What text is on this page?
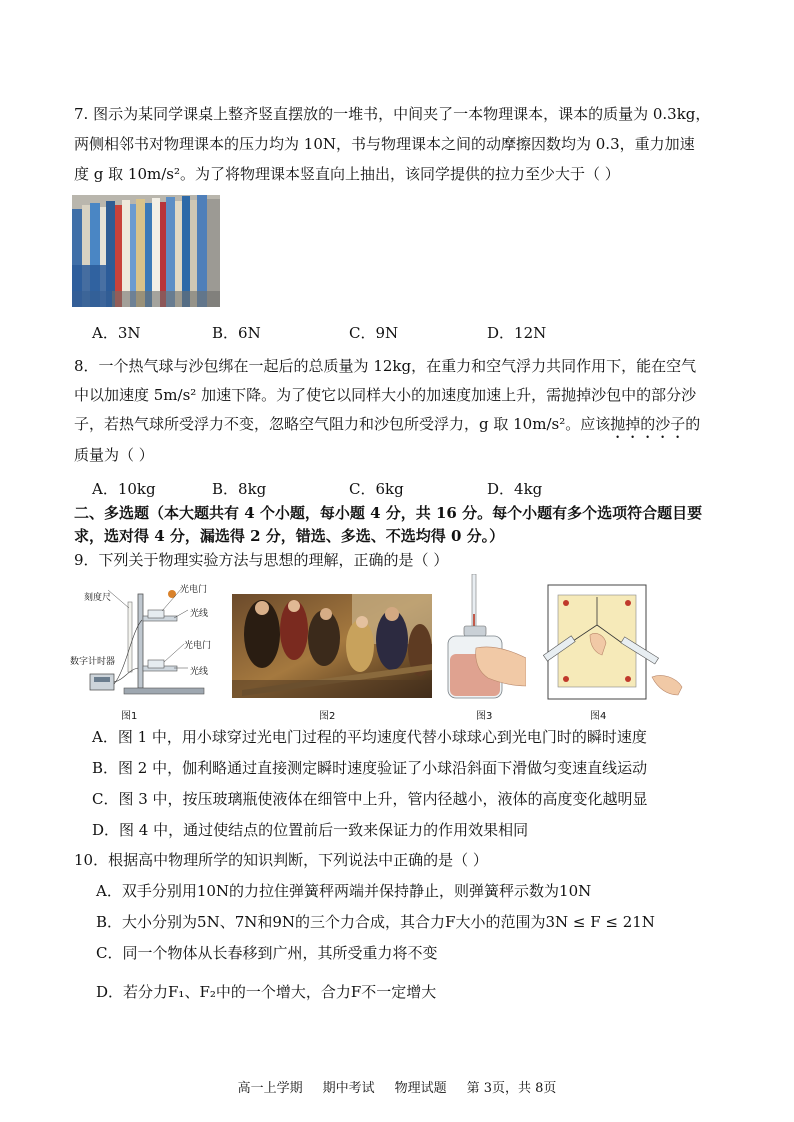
7. 图示为某同学课桌上整齐竖直摆放的一堆书，中间夹了一本物理课本，课本的质量为 0.3kg，
两侧相邻书对物理课本的压力均为 10N，书与物理课本之间的动摩擦因数均为 0.3，重力加速
度 g 取 10m/s²。为了将物理课本竖直向上抽出，该同学提供的拉力至少大于（ ）
A．3N	B．6N	C．9N	D．12N
8．一个热气球与沙包绑在一起后的总质量为 12kg，在重力和空气浮力共同作用下，能在空气
中以加速度 5m/s² 加速下降。为了使它以同样大小的加速度加速上升，需抛掉沙包中的部分沙
子，若热气球所受浮力不变，忽略空气阻力和沙包所受浮力，g 取 10m/s²。应该抛掉的沙子的
质量为（ ）
A．10kg	B．8kg	C．6kg	D．4kg
二、多选题（本大题共有 4 个小题，每小题 4 分，共 16 分。每个小题有多个选项符合题目要
求，选对得 4 分，漏选得 2 分，错选、多选、不选均得 0 分。）
9．下列关于物理实验方法与思想的理解，正确的是（ ）
刻度尺
光电门
光线
光电门
光线
数字计时器
图1	图2	图3	图4
A．图 1 中，用小球穿过光电门过程的平均速度代替小球球心到光电门时的瞬时速度
B．图 2 中，伽利略通过直接测定瞬时速度验证了小球沿斜面下滑做匀变速直线运动
C．图 3 中，按压玻璃瓶使液体在细管中上升，管内径越小，液体的高度变化越明显
D．图 4 中，通过使结点的位置前后一致来保证力的作用效果相同
10．根据高中物理所学的知识判断，下列说法中正确的是（ ）
A．双手分别用10N的力拉住弹簧秤两端并保持静止，则弹簧秤示数为10N
B．大小分别为5N、7N和9N的三个力合成，其合力F大小的范围为3N ≤ F ≤ 21N
C．同一个物体从长春移到广州，其所受重力将不变
D．若分力F₁、F₂中的一个增大，合力F不一定增大
高一上学期 期中考试 物理试题 第 3页，共 8页
